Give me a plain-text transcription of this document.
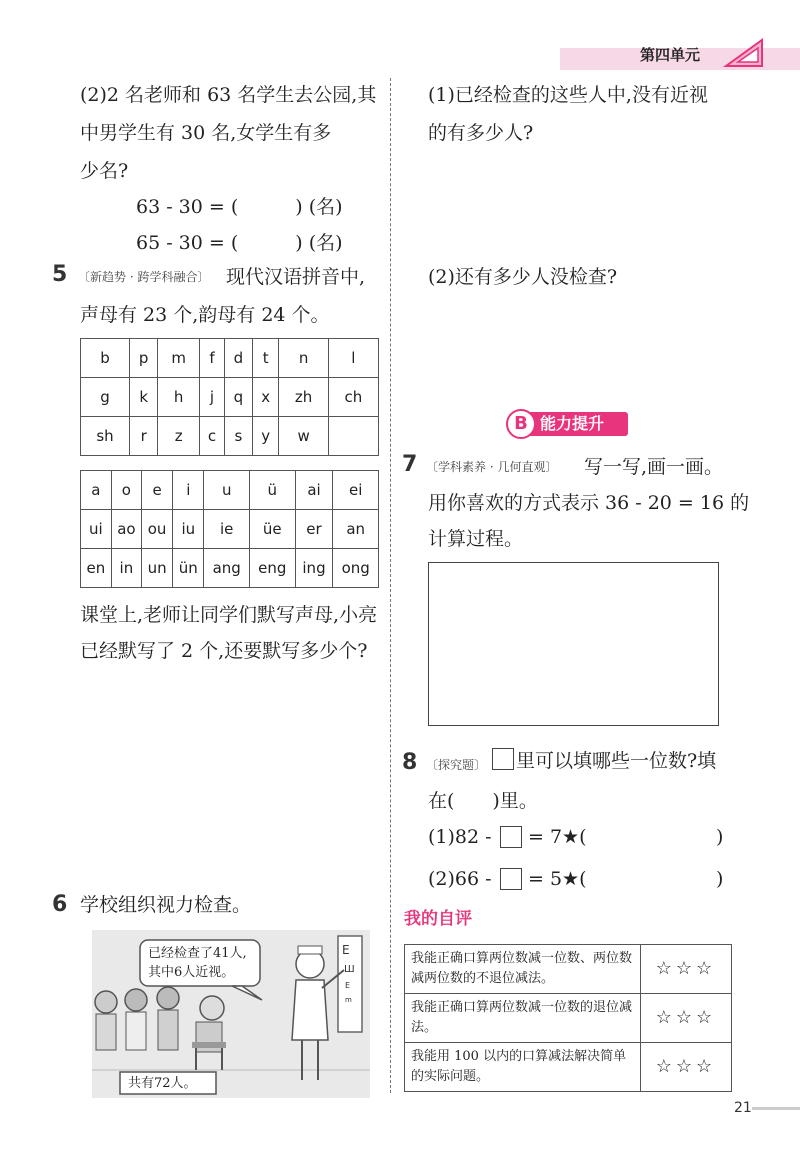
第四单元
(2)2 名老师和 63 名学生去公园,其
中男学生有 30 名,女学生有多
少名?
63 - 30 = (　　　) (名)
65 - 30 = (　　　) (名)
5 〔新趋势 · 跨学科融合〕 现代汉语拼音中,
声母有 23 个,韵母有 24 个。
b	p	m	f	d	t	n	l
g	k	h	j	q	x	zh	ch
sh	r	z	c	s	y	w	
a	o	e	i	u	ü	ai	ei
ui	ao	ou	iu	ie	üe	er	an
en	in	un	ün	ang	eng	ing	ong
课堂上,老师让同学们默写声母,小亮
已经默写了 2 个,还要默写多少个?
6 学校组织视力检查。
E
Ш
E
m
已经检查了41人,
其中6人近视。
共有72人。
(1)已经检查的这些人中,没有近视
的有多少人?
(2)还有多少人没检查?
B 能力提升
7 〔学科素养 · 几何直观〕 写一写,画一画。
用你喜欢的方式表示 36 - 20 = 16 的
计算过程。
8 〔探究题〕 里可以填哪些一位数?填
在(　　)里。
(1)82 - = 7★(	)
(2)66 - = 5★(	)
我的自评
我能正确口算两位数减一位数、两位数减两位数的不退位减法。	☆☆☆
我能正确口算两位数减一位数的退位减法。	☆☆☆
我能用 100 以内的口算减法解决简单的实际问题。	☆☆☆
21
